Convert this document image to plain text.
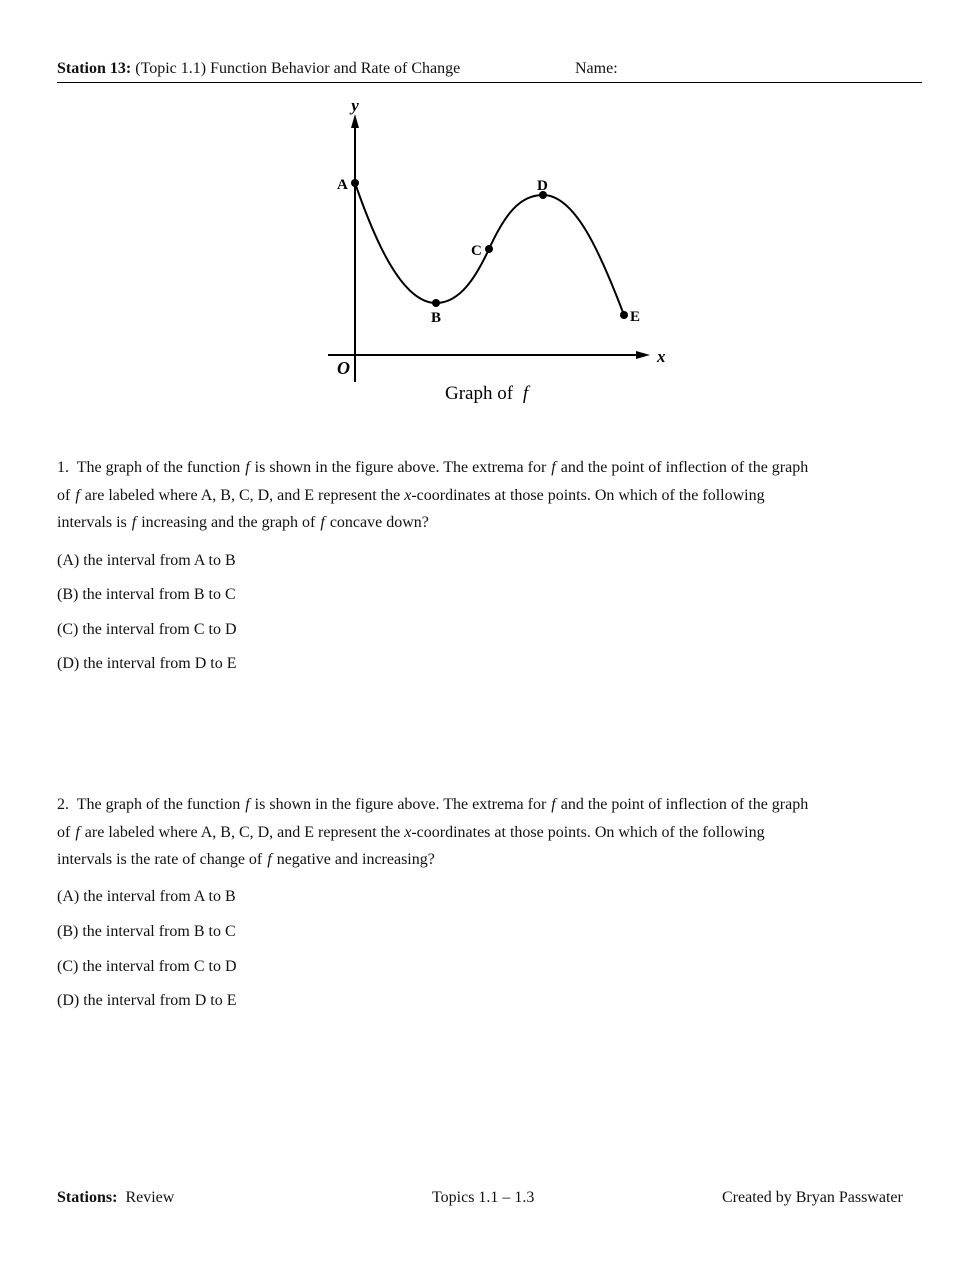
Station 13: (Topic 1.1) Function Behavior and Rate of Change	Name:
y
x
O
A
B
C
D
E
Graph of f

1. The graph of the function f is shown in the figure above. The extrema for f and the point of inflection of the graph
of f are labeled where A, B, C, D, and E represent the x-coordinates at those points. On which of the following
intervals is f increasing and the graph of f concave down?

(A) the interval from A to B
(B) the interval from B to C
(C) the interval from C to D
(D) the interval from D to E

2. The graph of the function f is shown in the figure above. The extrema for f and the point of inflection of the graph
of f are labeled where A, B, C, D, and E represent the x-coordinates at those points. On which of the following
intervals is the rate of change of f negative and increasing?

(A) the interval from A to B
(B) the interval from B to C
(C) the interval from C to D
(D) the interval from D to E
Stations: Review	Topics 1.1 – 1.3	Created by Bryan Passwater
